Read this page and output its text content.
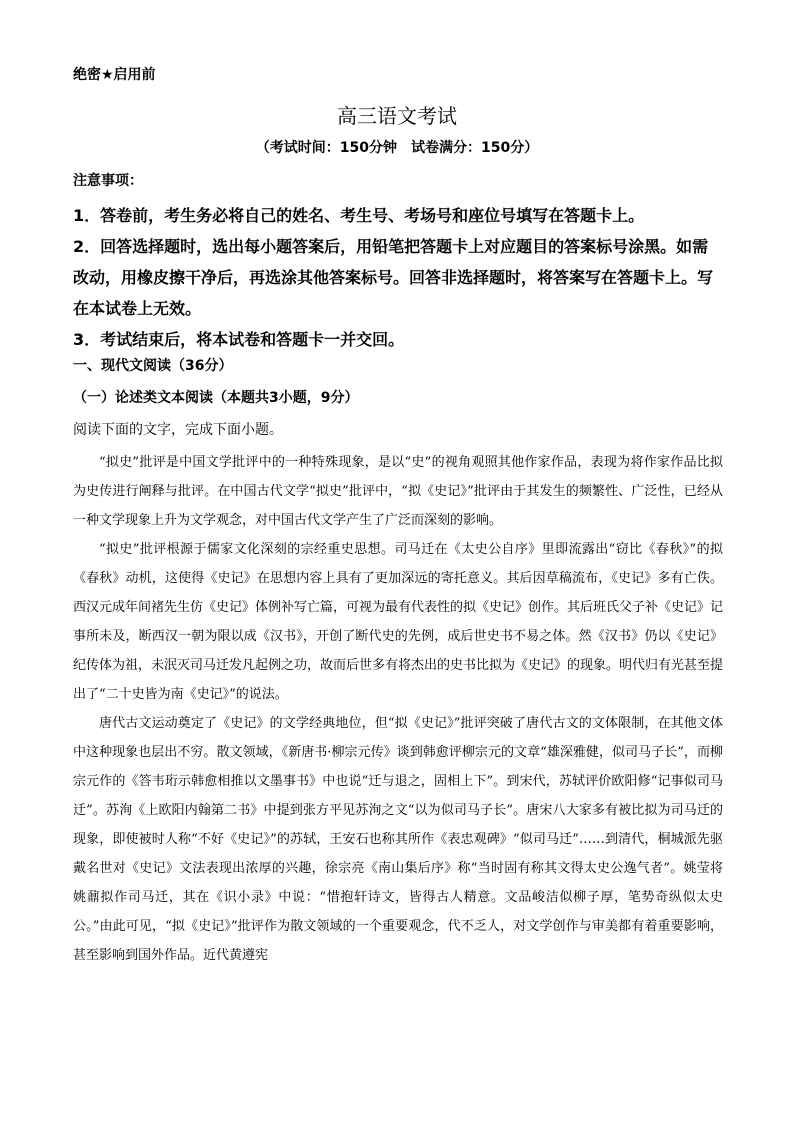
绝密★启用前
高三语文考试
（考试时间：150分钟　试卷满分：150分）
注意事项：

1．答卷前，考生务必将自己的姓名、考生号、考场号和座位号填写在答题卡上。

2．回答选择题时，选出每小题答案后，用铅笔把答题卡上对应题目的答案标号涂黑。如需改动，用橡皮擦干净后，再选涂其他答案标号。回答非选择题时，将答案写在答题卡上。写在本试卷上无效。

3．考试结束后，将本试卷和答题卡一并交回。

一、现代文阅读（36分）
（一）论述类文本阅读（本题共3小题，9分）
阅读下面的文字，完成下面小题。

“拟史”批评是中国文学批评中的一种特殊现象，是以“史”的视角观照其他作家作品，表现为将作家作品比拟为史传进行阐释与批评。在中国古代文学“拟史”批评中，“拟《史记》”批评由于其发生的频繁性、广泛性，已经从一种文学现象上升为文学观念，对中国古代文学产生了广泛而深刻的影响。

“拟史”批评根源于儒家文化深刻的宗经重史思想。司马迁在《太史公自序》里即流露出“窃比《春秋》”的拟《春秋》动机，这使得《史记》在思想内容上具有了更加深远的寄托意义。其后因草稿流布，《史记》多有亡佚。西汉元成年间褚先生仿《史记》体例补写亡篇，可视为最有代表性的拟《史记》创作。其后班氏父子补《史记》记事所未及，断西汉一朝为限以成《汉书》，开创了断代史的先例，成后世史书不易之体。然《汉书》仍以《史记》纪传体为祖，未泯灭司马迁发凡起例之功，故而后世多有将杰出的史书比拟为《史记》的现象。明代归有光甚至提出了“二十史皆为南《史记》”的说法。

唐代古文运动奠定了《史记》的文学经典地位，但“拟《史记》”批评突破了唐代古文的文体限制，在其他文体中这种现象也层出不穷。散文领域，《新唐书·柳宗元传》谈到韩愈评柳宗元的文章“雄深雅健，似司马子长”，而柳宗元作的《答韦珩示韩愈相推以文墨事书》中也说“迁与退之，固相上下”。到宋代，苏轼评价欧阳修“记事似司马迁”。苏洵《上欧阳内翰第二书》中提到张方平见苏洵之文“以为似司马子长”。唐宋八大家多有被比拟为司马迁的现象，即使被时人称“不好《史记》”的苏轼，王安石也称其所作《表忠观碑》“似司马迁”……到清代，桐城派先驱戴名世对《史记》文法表现出浓厚的兴趣，徐宗亮《南山集后序》称“当时固有称其文得太史公逸气者”。姚莹将姚鼐拟作司马迁，其在《识小录》中说：“惜抱轩诗文，皆得古人精意。文品峻洁似柳子厚，笔势奇纵似太史公。”由此可见，“拟《史记》”批评作为散文领域的一个重要观念，代不乏人，对文学创作与审美都有着重要影响，甚至影响到国外作品。近代黄遵宪
